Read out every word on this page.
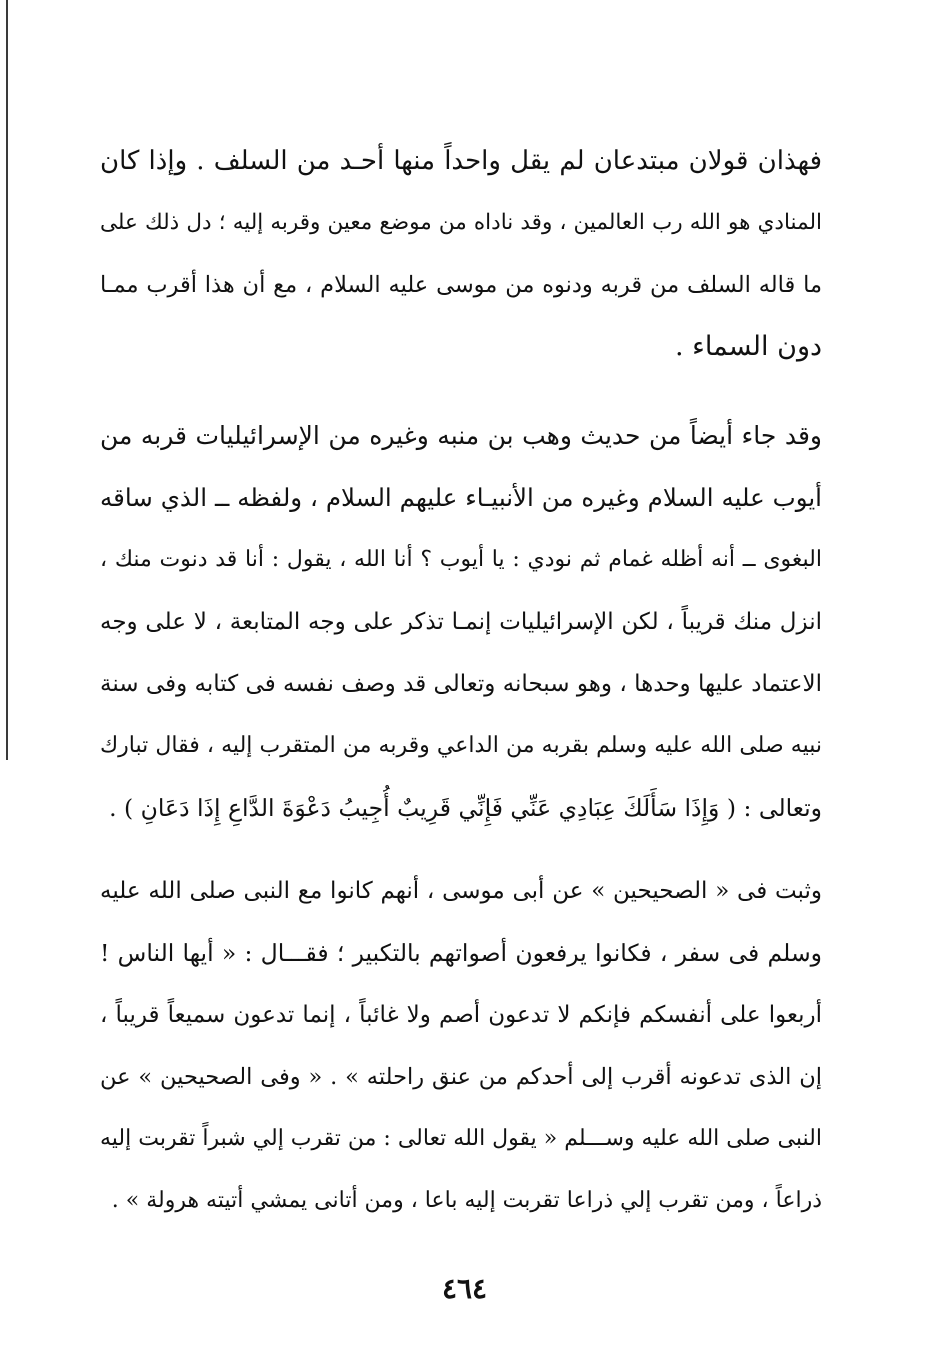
فهذان قولان مبتدعان لم يقل واحداً منها أحـد من السلف . وإذا كان
المنادي هو الله رب العالمين ، وقد ناداه من موضع معين وقربه إليه ؛ دل ذلك على
ما قاله السلف من قربه ودنوه من موسى عليه السلام ، مع أن هذا أقرب ممـا
دون السماء .
وقد جاء أيضاً من حديث وهب بن منبه وغيره من الإسرائيليات قربه من
أيوب عليه السلام وغيره من الأنبيـاء عليهم السلام ، ولفظه ــ الذي ساقه
البغوى ــ أنه أظله غمام ثم نودي : يا أيوب ؟ أنا الله ، يقول : أنا قد دنوت منك ،
انزل منك قريباً ، لكن الإسرائيليات إنمـا تذكر على وجه المتابعة ، لا على وجه
الاعتماد عليها وحدها ، وهو سبحانه وتعالى قد وصف نفسه فى كتابه وفى سنة
نبيه صلى الله عليه وسلم بقربه من الداعي وقربه من المتقرب إليه ، فقال تبارك
وتعالى : ( وَإِذَا سَأَلَكَ عِبَادِي عَنِّي فَإِنِّي قَرِيبٌ أُجِيبُ دَعْوَةَ الدَّاعِ إِذَا دَعَانِ ) .
وثبت فى « الصحيحين » عن أبى موسى ، أنهم كانوا مع النبى صلى الله عليه
وسلم فى سفر ، فكانوا يرفعون أصواتهم بالتكبير ؛ فقـــال : « أيها الناس !
أربعوا على أنفسكم فإنكم لا تدعون أصم ولا غائباً ، إنما تدعون سميعاً قريباً ،
إن الذى تدعونه أقرب إلى أحدكم من عنق راحلته » . « وفى الصحيحين » عن
النبى صلى الله عليه وســـلم « يقول الله تعالى : من تقرب إلي شبراً تقربت إليه
ذراعاً ، ومن تقرب إلي ذراعا تقربت إليه باعا ، ومن أتانى يمشي أتيته هرولة » .
٤٦٤
